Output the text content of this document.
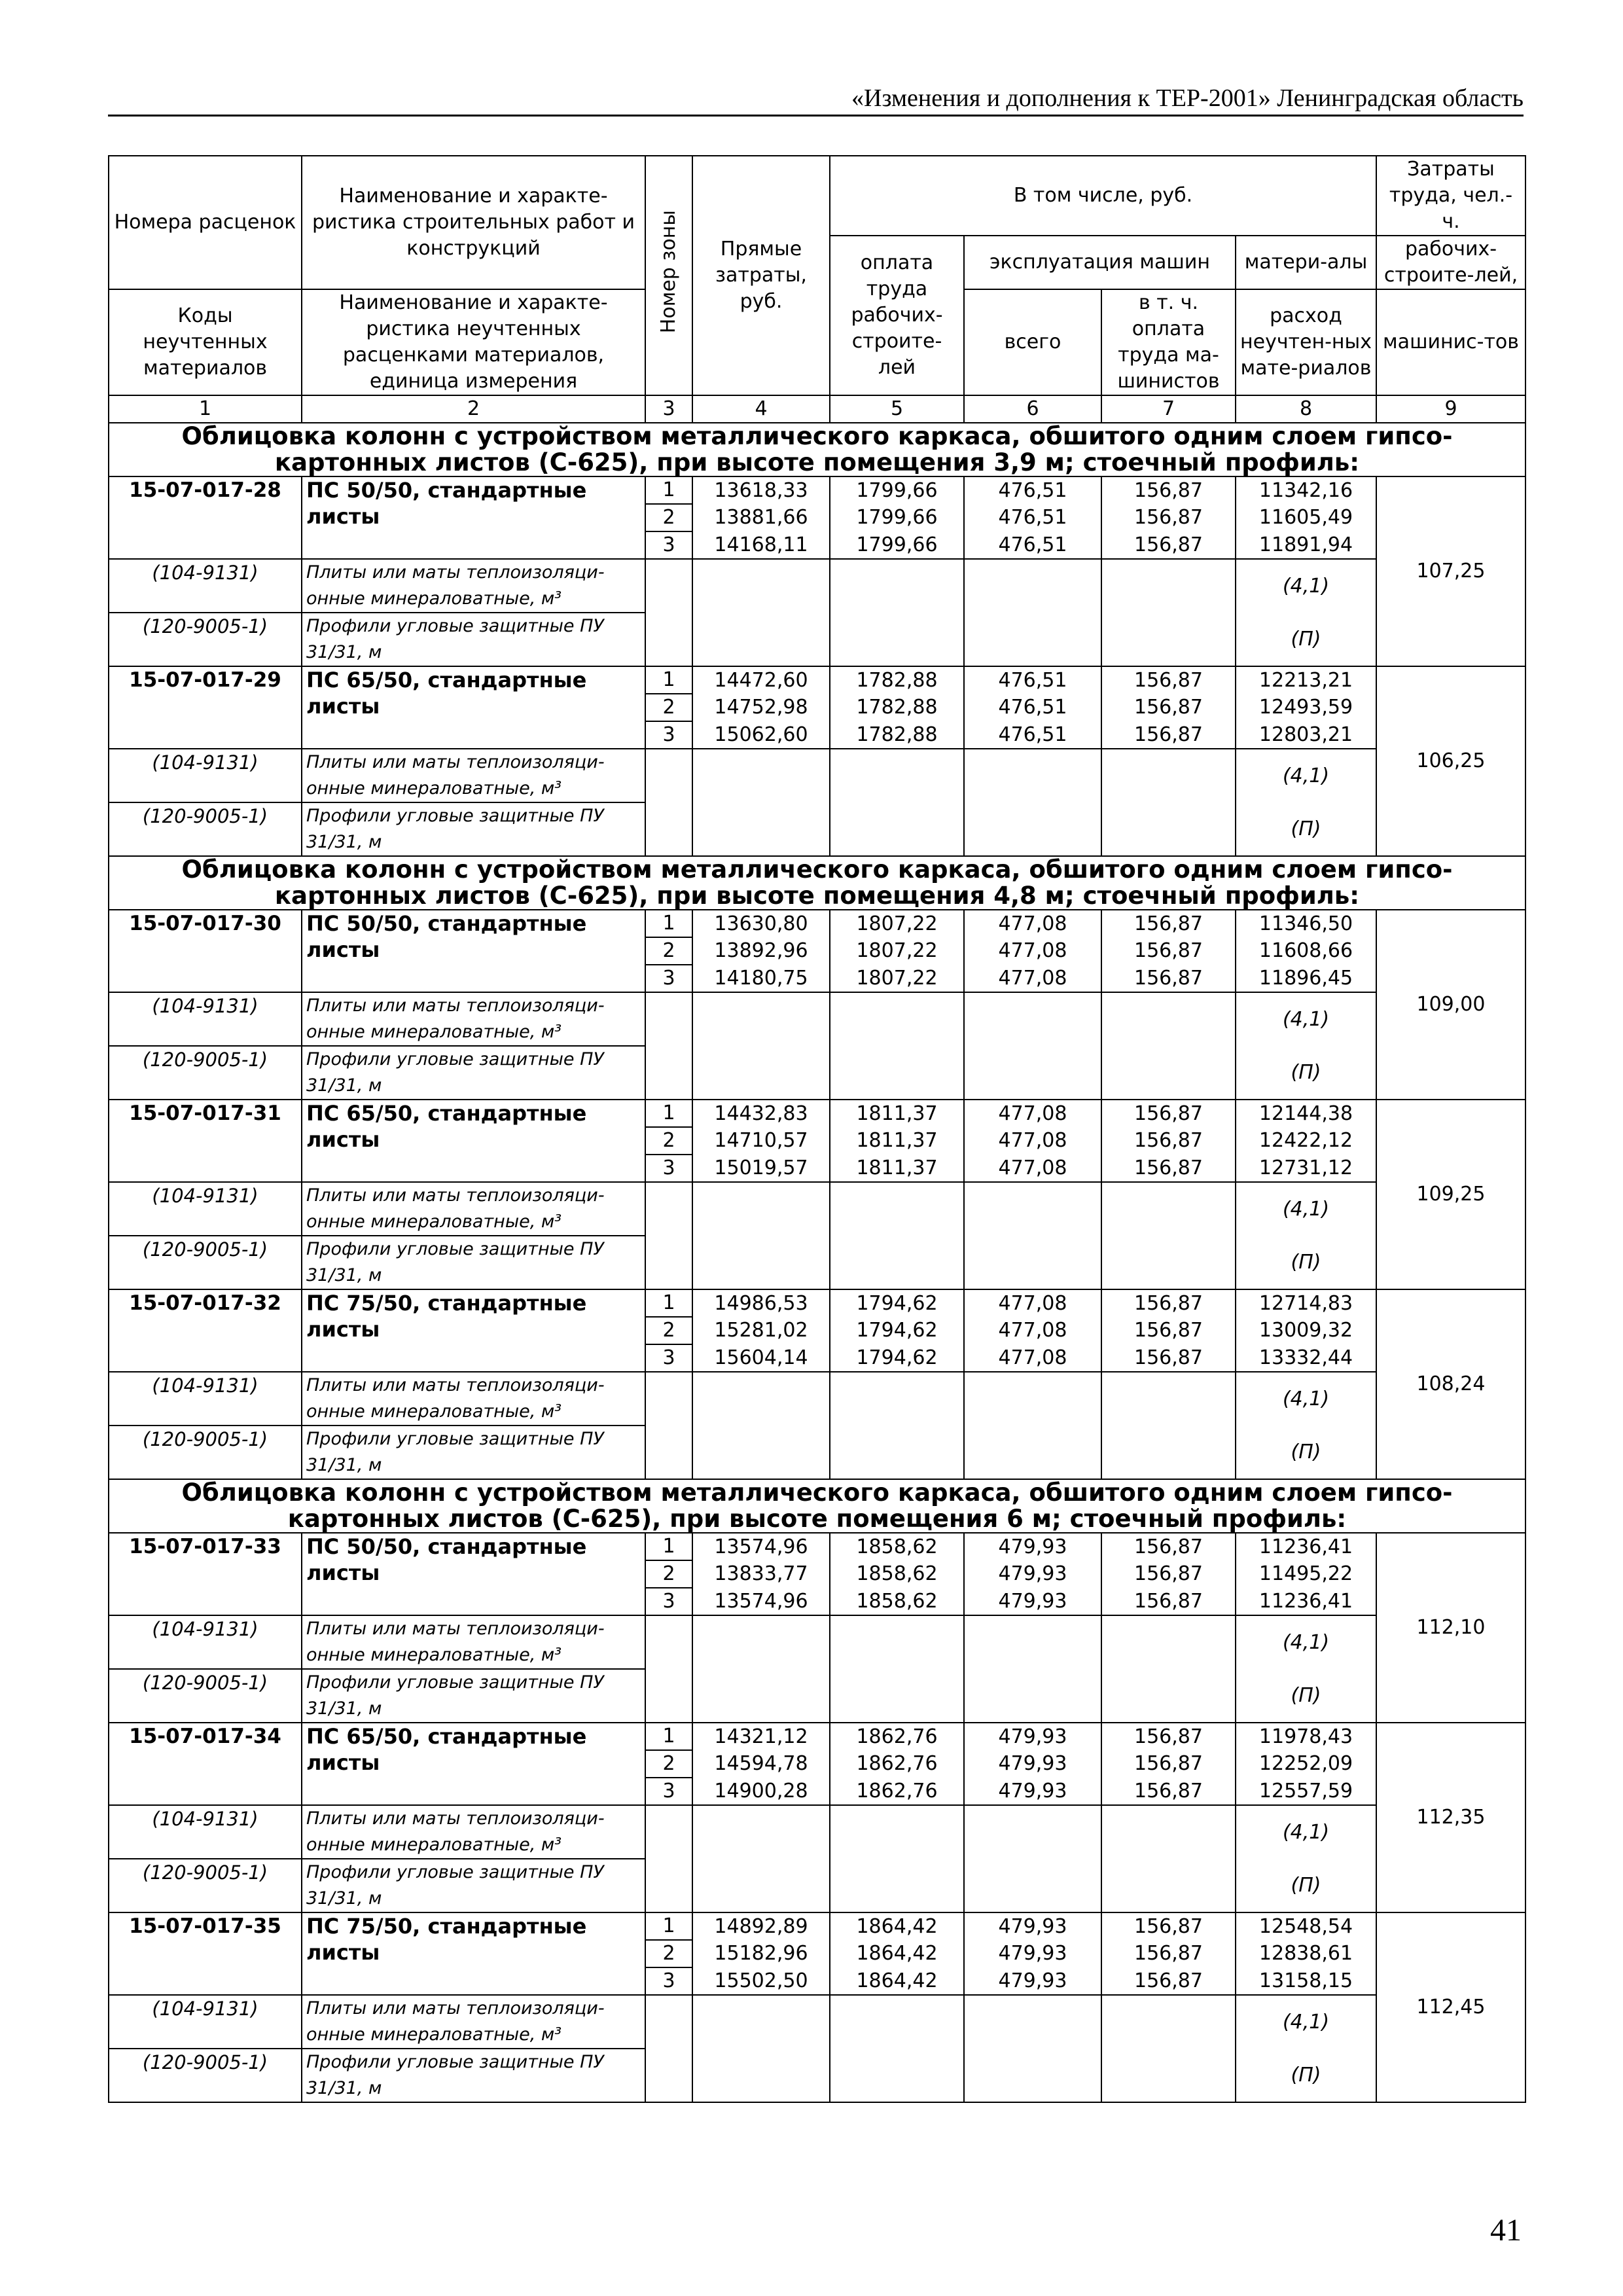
«Изменения и дополнения к ТЕР-2001» Ленинградская область
Номера расценок	Наименование и характе-ристика строительных работ и конструкций	Номер зоны	Прямые затраты, руб.	В том числе, руб.				Затраты труда, чел.-ч.
				оплата труда рабочих-строите-лей	эксплуатация машин		матери-алы	рабочих-строите-лей,
Коды неучтенных материалов	Наименование и характе-ристика неучтенных расценками материалов, единица измерения				всего	в т. ч. оплата труда ма-шинистов	расход неучтен-ных мате-риалов	машинис-тов
1	2	3	4	5	6	7	8	9
Облицовка колонн с устройством металлического каркаса, обшитого одним слоем гипсо-картонных листов (С-625), при высоте помещения 3,9 м; стоечный профиль:								
15-07-017-28	ПС 50/50, стандартные листы	1	13618,33	1799,66	476,51	156,87	11342,16	107,25
		2	13881,66	1799,66	476,51	156,87	11605,49	
		3	14168,11	1799,66	476,51	156,87	11891,94	
(104-9131)	Плиты или маты теплоизоляци-онные минераловатные, м³						(4,1)	
(120-9005-1)	Профили угловые защитные ПУ 31/31, м						(П)	
15-07-017-29	ПС 65/50, стандартные листы	1	14472,60	1782,88	476,51	156,87	12213,21	106,25
		2	14752,98	1782,88	476,51	156,87	12493,59	
		3	15062,60	1782,88	476,51	156,87	12803,21	
(104-9131)	Плиты или маты теплоизоляци-онные минераловатные, м³						(4,1)	
(120-9005-1)	Профили угловые защитные ПУ 31/31, м						(П)	
Облицовка колонн с устройством металлического каркаса, обшитого одним слоем гипсо-картонных листов (С-625), при высоте помещения 4,8 м; стоечный профиль:								
15-07-017-30	ПС 50/50, стандартные листы	1	13630,80	1807,22	477,08	156,87	11346,50	109,00
		2	13892,96	1807,22	477,08	156,87	11608,66	
		3	14180,75	1807,22	477,08	156,87	11896,45	
(104-9131)	Плиты или маты теплоизоляци-онные минераловатные, м³						(4,1)	
(120-9005-1)	Профили угловые защитные ПУ 31/31, м						(П)	
15-07-017-31	ПС 65/50, стандартные листы	1	14432,83	1811,37	477,08	156,87	12144,38	109,25
		2	14710,57	1811,37	477,08	156,87	12422,12	
		3	15019,57	1811,37	477,08	156,87	12731,12	
(104-9131)	Плиты или маты теплоизоляци-онные минераловатные, м³						(4,1)	
(120-9005-1)	Профили угловые защитные ПУ 31/31, м						(П)	
15-07-017-32	ПС 75/50, стандартные листы	1	14986,53	1794,62	477,08	156,87	12714,83	108,24
		2	15281,02	1794,62	477,08	156,87	13009,32	
		3	15604,14	1794,62	477,08	156,87	13332,44	
(104-9131)	Плиты или маты теплоизоляци-онные минераловатные, м³						(4,1)	
(120-9005-1)	Профили угловые защитные ПУ 31/31, м						(П)	
Облицовка колонн с устройством металлического каркаса, обшитого одним слоем гипсо-картонных листов (С-625), при высоте помещения 6 м; стоечный профиль:								
15-07-017-33	ПС 50/50, стандартные листы	1	13574,96	1858,62	479,93	156,87	11236,41	112,10
		2	13833,77	1858,62	479,93	156,87	11495,22	
		3	13574,96	1858,62	479,93	156,87	11236,41	
(104-9131)	Плиты или маты теплоизоляци-онные минераловатные, м³						(4,1)	
(120-9005-1)	Профили угловые защитные ПУ 31/31, м						(П)	
15-07-017-34	ПС 65/50, стандартные листы	1	14321,12	1862,76	479,93	156,87	11978,43	112,35
		2	14594,78	1862,76	479,93	156,87	12252,09	
		3	14900,28	1862,76	479,93	156,87	12557,59	
(104-9131)	Плиты или маты теплоизоляци-онные минераловатные, м³						(4,1)	
(120-9005-1)	Профили угловые защитные ПУ 31/31, м						(П)	
15-07-017-35	ПС 75/50, стандартные листы	1	14892,89	1864,42	479,93	156,87	12548,54	112,45
		2	15182,96	1864,42	479,93	156,87	12838,61	
		3	15502,50	1864,42	479,93	156,87	13158,15	
(104-9131)	Плиты или маты теплоизоляци-онные минераловатные, м³						(4,1)	
(120-9005-1)	Профили угловые защитные ПУ 31/31, м						(П)	
41
